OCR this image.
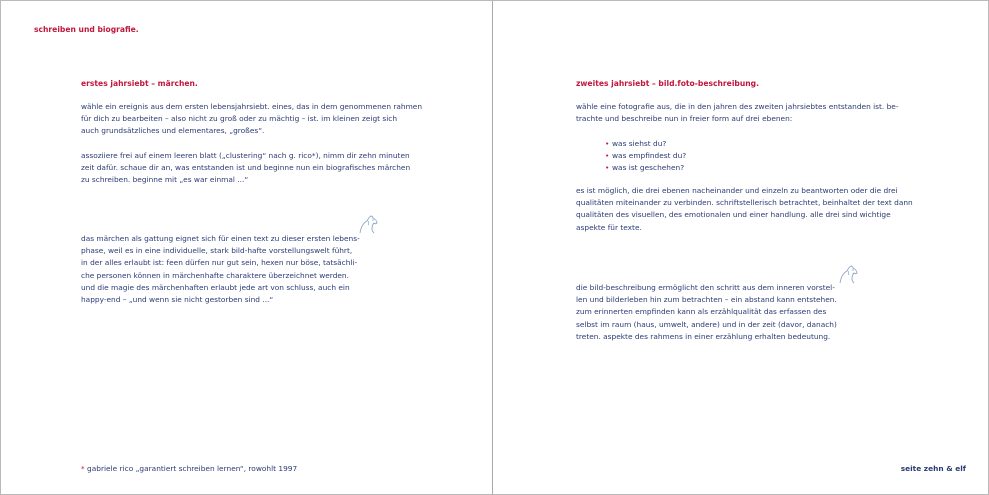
schreiben und biografie.
erstes jahrsiebt – märchen.

wähle ein ereignis aus dem ersten lebensjahrsiebt. eines, das in dem genommenen rahmen
für dich zu bearbeiten – also nicht zu groß oder zu mächtig – ist. im kleinen zeigt sich
auch grundsätzliches und elementares, „großes“.

assoziiere frei auf einem leeren blatt („clustering“ nach g. rico*), nimm dir zehn minuten
zeit dafür. schaue dir an, was entstanden ist und beginne nun ein biografisches märchen
zu schreiben. beginne mit „es war einmal ...“

das märchen als gattung eignet sich für einen text zu dieser ersten lebens-
phase, weil es in eine individuelle, stark bild-hafte vorstellungswelt führt,
in der alles erlaubt ist: feen dürfen nur gut sein, hexen nur böse, tatsächli-
che personen können in märchenhafte charaktere überzeichnet werden.
und die magie des märchenhaften erlaubt jede art von schluss, auch ein
happy-end – „und wenn sie nicht gestorben sind ...“

* gabriele rico „garantiert schreiben lernen“, rowohlt 1997
zweites jahrsiebt – bild.foto-beschreibung.

wähle eine fotografie aus, die in den jahren des zweiten jahrsiebtes entstanden ist. be-
trachte und beschreibe nun in freier form auf drei ebenen:

• was siehst du?
• was empfindest du?
• was ist geschehen?

es ist möglich, die drei ebenen nacheinander und einzeln zu beantworten oder die drei
qualitäten miteinander zu verbinden. schriftstellerisch betrachtet, beinhaltet der text dann
qualitäten des visuellen, des emotionalen und einer handlung. alle drei sind wichtige
aspekte für texte.

die bild-beschreibung ermöglicht den schritt aus dem inneren vorstel-
len und bilderleben hin zum betrachten – ein abstand kann entstehen.
zum erinnerten empfinden kann als erzählqualität das erfassen des
selbst im raum (haus, umwelt, andere) und in der zeit (davor, danach)
treten. aspekte des rahmens in einer erzählung erhalten bedeutung.

seite zehn & elf
